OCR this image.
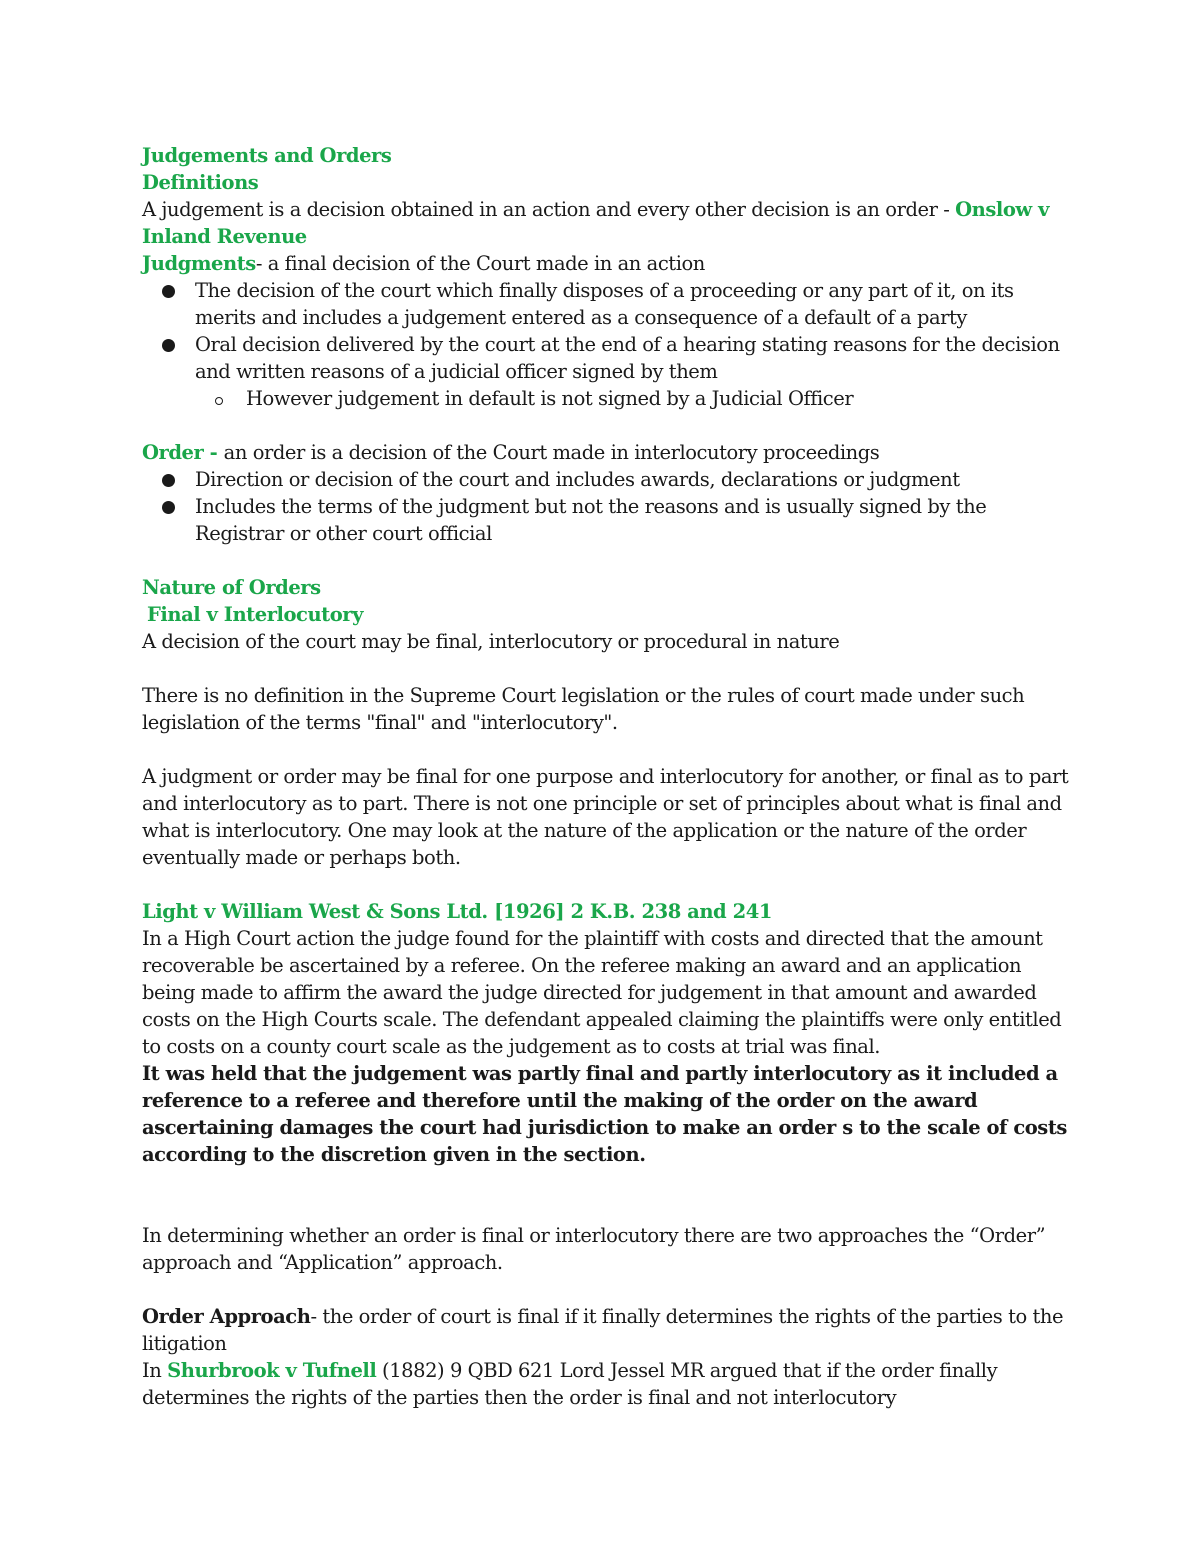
Judgements and Orders

Definitions

A judgement is a decision obtained in an action and every other decision is an order - Onslow v Inland Revenue

Judgments- a final decision of the Court made in an action

The decision of the court which finally disposes of a proceeding or any part of it, on its merits and includes a judgement entered as a consequence of a default of a party
Oral decision delivered by the court at the end of a hearing stating reasons for the decision and written reasons of a judicial officer signed by them
However judgement in default is not signed by a Judicial Officer

Order - an order is a decision of the Court made in interlocutory proceedings

Direction or decision of the court and includes awards, declarations or judgment
Includes the terms of the judgment but not the reasons and is usually signed by the Registrar or other court official

Nature of Orders

Final v Interlocutory

A decision of the court may be final, interlocutory or procedural in nature

There is no definition in the Supreme Court legislation or the rules of court made under such legislation of the terms "final" and "interlocutory".

A judgment or order may be final for one purpose and interlocutory for another, or final as to part and interlocutory as to part. There is not one principle or set of principles about what is final and what is interlocutory. One may look at the nature of the application or the nature of the order eventually made or perhaps both.

Light v William West & Sons Ltd. [1926] 2 K.B. 238 and 241

In a High Court action the judge found for the plaintiff with costs and directed that the amount recoverable be ascertained by a referee. On the referee making an award and an application being made to affirm the award the judge directed for judgement in that amount and awarded costs on the High Courts scale. The defendant appealed claiming the plaintiffs were only entitled to costs on a county court scale as the judgement as to costs at trial was final.

It was held that the judgement was partly final and partly interlocutory as it included a reference to a referee and therefore until the making of the order on the award ascertaining damages the court had jurisdiction to make an order s to the scale of costs according to the discretion given in the section.

In determining whether an order is final or interlocutory there are two approaches the “Order” approach and “Application” approach.

Order Approach- the order of court is final if it finally determines the rights of the parties to the litigation

In Shurbrook v Tufnell (1882) 9 QBD 621 Lord Jessel MR argued that if the order finally determines the rights of the parties then the order is final and not interlocutory
